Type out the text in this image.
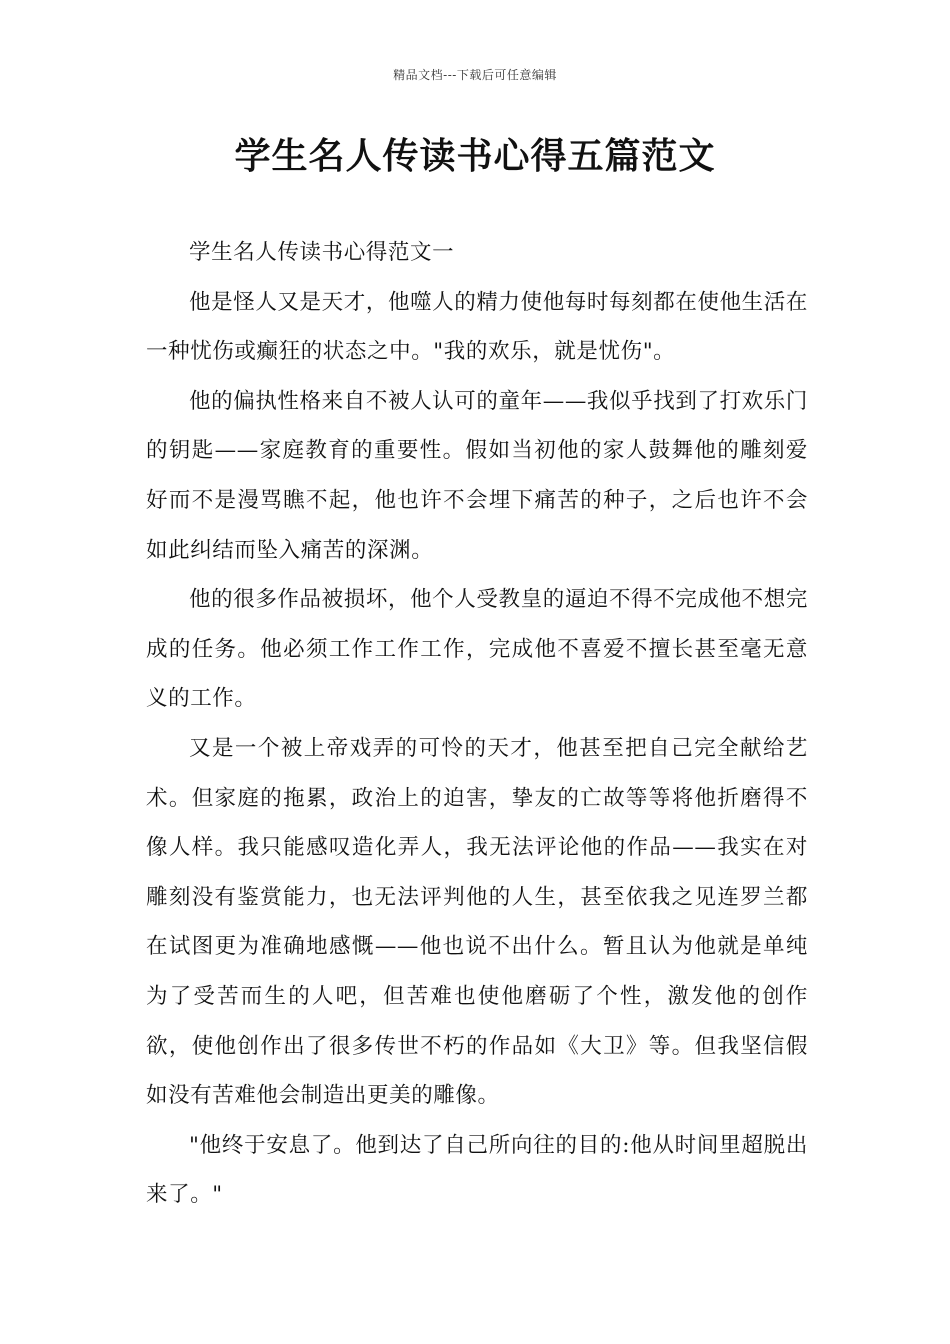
精品文档---下载后可任意编辑
学生名人传读书心得五篇范文

学生名人传读书心得范文一

他是怪人又是天才，他噬人的精力使他每时每刻都在使他生活在一种忧伤或癫狂的状态之中。"我的欢乐，就是忧伤"。

他的偏执性格来自不被人认可的童年——我似乎找到了打欢乐门的钥匙——家庭教育的重要性。假如当初他的家人鼓舞他的雕刻爱好而不是漫骂瞧不起，他也许不会埋下痛苦的种子，之后也许不会如此纠结而坠入痛苦的深渊。

他的很多作品被损坏，他个人受教皇的逼迫不得不完成他不想完成的任务。他必须工作工作工作，完成他不喜爱不擅长甚至毫无意义的工作。

又是一个被上帝戏弄的可怜的天才，他甚至把自己完全献给艺术。但家庭的拖累，政治上的迫害，挚友的亡故等等将他折磨得不像人样。我只能感叹造化弄人，我无法评论他的作品——我实在对雕刻没有鉴赏能力，也无法评判他的人生，甚至依我之见连罗兰都在试图更为准确地感慨——他也说不出什么。暂且认为他就是单纯为了受苦而生的人吧，但苦难也使他磨砺了个性，激发他的创作欲，使他创作出了很多传世不朽的作品如《大卫》等。但我坚信假如没有苦难他会制造出更美的雕像。

"他终于安息了。他到达了自己所向往的目的:他从时间里超脱出来了。"
